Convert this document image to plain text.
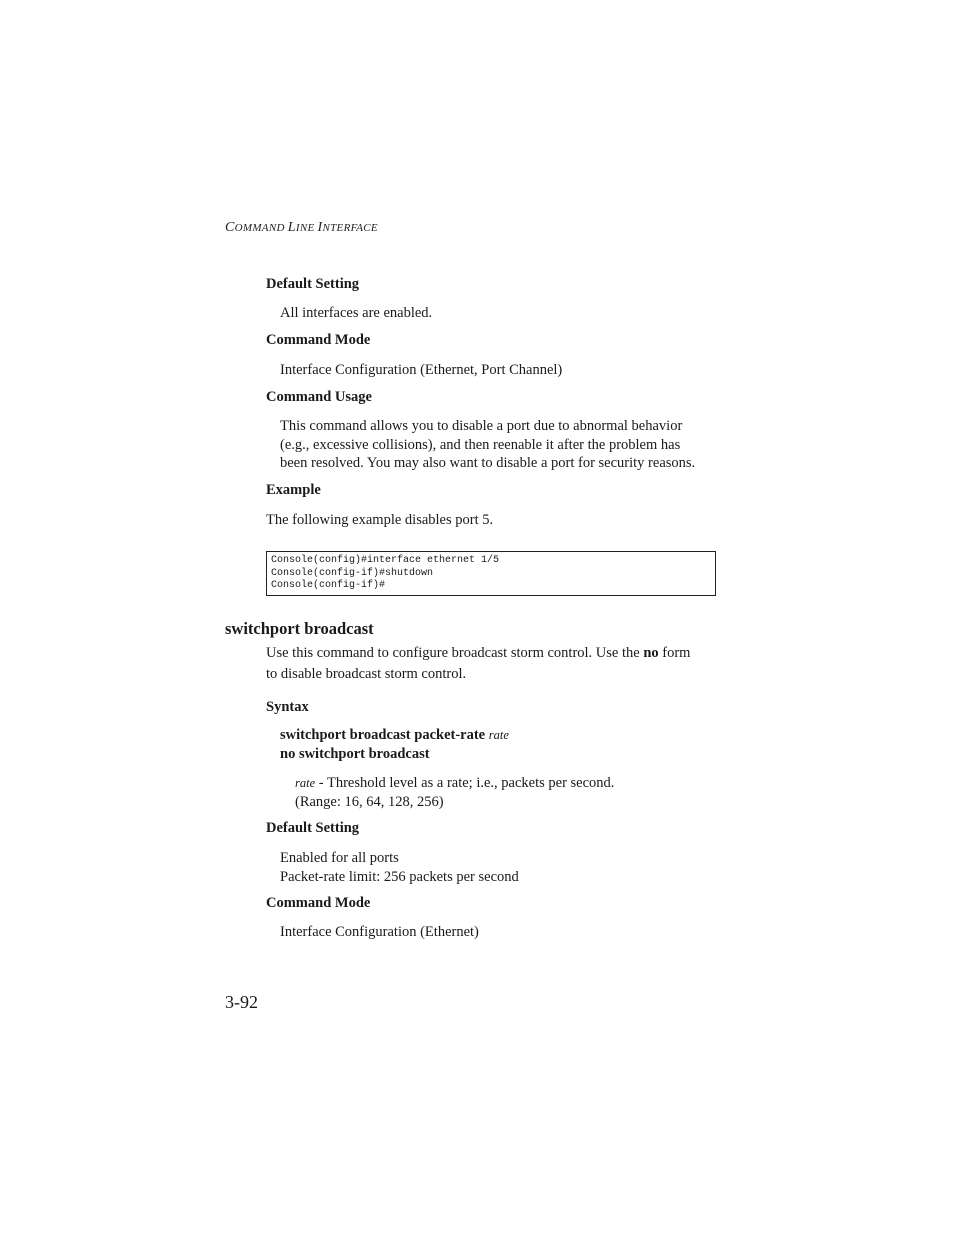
COMMAND LINE INTERFACE
Default Setting
All interfaces are enabled.
Command Mode
Interface Configuration (Ethernet, Port Channel)
Command Usage
This command allows you to disable a port due to abnormal behavior
(e.g., excessive collisions), and then reenable it after the problem has
been resolved. You may also want to disable a port for security reasons.
Example
The following example disables port 5.
Console(config)#interface ethernet 1/5
Console(config-if)#shutdown
Console(config-if)#
switchport broadcast
Use this command to configure broadcast storm control. Use the no form
to disable broadcast storm control.
Syntax
switchport broadcast packet-rate rate
no switchport broadcast
rate - Threshold level as a rate; i.e., packets per second.
(Range: 16, 64, 128, 256)
Default Setting
Enabled for all ports
Packet-rate limit: 256 packets per second
Command Mode
Interface Configuration (Ethernet)
3-92
